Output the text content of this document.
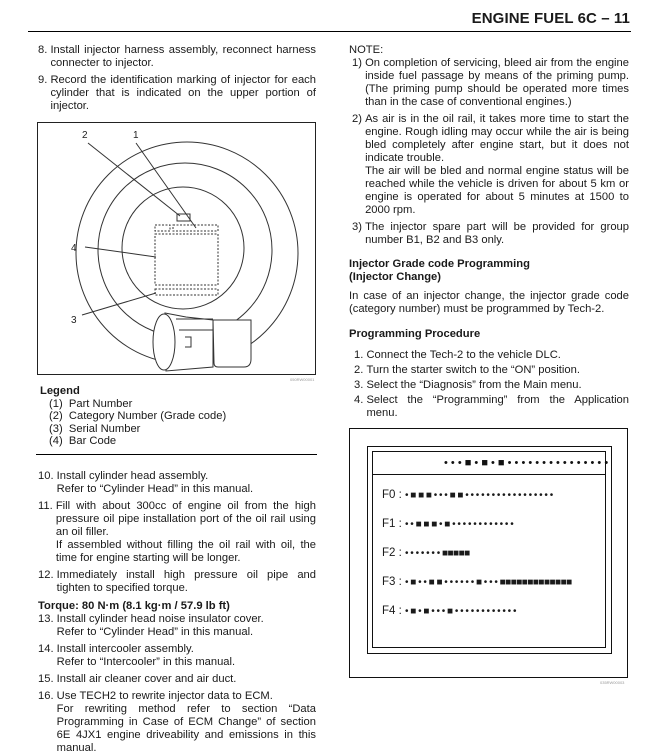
ENGINE FUEL 6C – 11
8. Install injector harness assembly, reconnect harness connecter to injector.

9. Record the identification marking of injector for each cylinder that is indicated on the upper portion of injector.

2	1
4
3
050RW00001
Legend
(1)  Part Number
(2)  Category Number (Grade code)
(3)  Serial Number
(4)  Bar Code
10. Install cylinder head assembly.

Refer to “Cylinder Head” in this manual.

11. Fill with about 300cc of engine oil from the high pressure oil pipe installation port of the oil rail using an oil filler.

If assembled without filling the oil rail with oil, the time for engine starting will be longer.

12. Immediately install high pressure oil pipe and tighten to specified torque.

Torque: 80 N·m (8.1 kg·m / 57.9 lb ft)
13. Install cylinder head noise insulator cover.

Refer to “Cylinder Head” in this manual.

14. Install intercooler assembly.

Refer to “Intercooler” in this manual.

15. Install air cleaner cover and air duct.

16. Use TECH2 to rewrite injector data to ECM.

For rewriting method refer to section “Data Programming in Case of ECM Change” of section 6E 4JX1 engine driveability and emissions in this manual.

NOTE:
1) On completion of servicing, bleed air from the engine inside fuel passage by means of the priming pump. (The priming pump should be operated more times than in the case of conventional engines.)

2) As air is in the oil rail, it takes more time to start the engine. Rough idling may occur while the air is being bled completely after engine start, but it does not indicate trouble.

The air will be bled and normal engine status will be reached while the vehicle is driven for about 5 km or engine is operated for about 5 minutes at 1500 to 2000 rpm.

3) The injector spare part will be provided for group number B1, B2 and B3 only.

Injector Grade code Programming
(Injector Change)
In case of an injector change, the injector grade code (category number) must be programmed by Tech-2.
Programming Procedure
1. Connect the Tech-2 to the vehicle DLC.
2. Turn the starter switch to the “ON” position.
3. Select the “Diagnosis” from the Main menu.
4. Select the “Programming” from the Application menu.
• • • ■ • ■ • ■ • • • • • • • • • • • • • • •
F0 : • ■ ■ ■ • • • ■ ■ • • • • • • • • • • • • • • • • •
F1 : • • ■ ■ ■ • ■ • • • • • • • • • • • •
F2 : • • • • • • • ■■■■■
F3 : • ■ • • ■ ■ • • • • • • ■ • • • ■■■■■■■■■■■■■
F4 : • ■ • ■ • • • ■ • • • • • • • • • • • •
035RW00003
